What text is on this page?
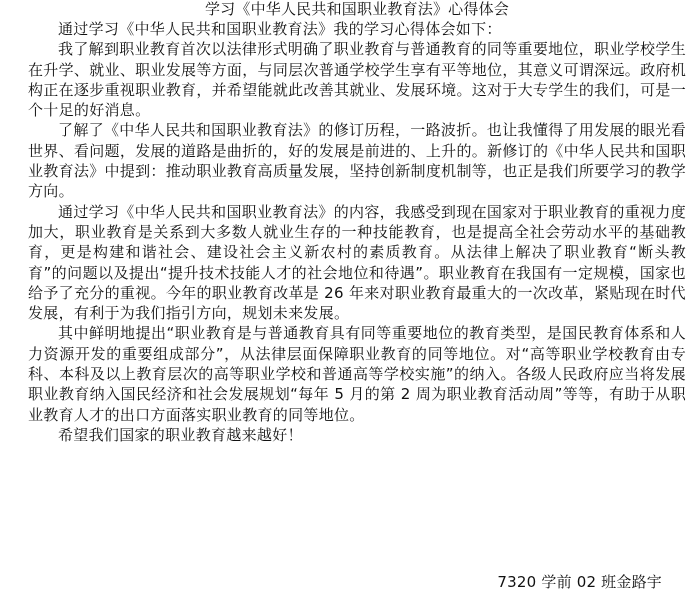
学习《中华人民共和国职业教育法》心得体会

通过学习《中华人民共和国职业教育法》我的学习心得体会如下：

我了解到职业教育首次以法律形式明确了职业教育与普通教育的同等重要地位，职业学校学生在升学、就业、职业发展等方面，与同层次普通学校学生享有平等地位，其意义可谓深远。政府机构正在逐步重视职业教育，并希望能就此改善其就业、发展环境。这对于大专学生的我们，可是一个十足的好消息。

了解了《中华人民共和国职业教育法》的修订历程，一路波折。也让我懂得了用发展的眼光看世界、看问题，发展的道路是曲折的，好的发展是前进的、上升的。新修订的《中华人民共和国职业教育法》中提到：推动职业教育高质量发展，坚持创新制度机制等，也正是我们所要学习的教学方向。

通过学习《中华人民共和国职业教育法》的内容，我感受到现在国家对于职业教育的重视力度加大，职业教育是关系到大多数人就业生存的一种技能教育，也是提高全社会劳动水平的基础教育，更是构建和谐社会、建设社会主义新农村的素质教育。从法律上解决了职业教育“断头教育”的问题以及提出“提升技术技能人才的社会地位和待遇”。职业教育在我国有一定规模，国家也给予了充分的重视。今年的职业教育改革是 26 年来对职业教育最重大的一次改革，紧贴现在时代发展，有利于为我们指引方向，规划未来发展。

其中鲜明地提出“职业教育是与普通教育具有同等重要地位的教育类型，是国民教育体系和人力资源开发的重要组成部分”，从法律层面保障职业教育的同等地位。对“高等职业学校教育由专科、本科及以上教育层次的高等职业学校和普通高等学校实施”的纳入。各级人民政府应当将发展职业教育纳入国民经济和社会发展规划“每年 5 月的第 2 周为职业教育活动周”等等，有助于从职业教育人才的出口方面落实职业教育的同等地位。

希望我们国家的职业教育越来越好！

7320 学前 02 班金路宇
